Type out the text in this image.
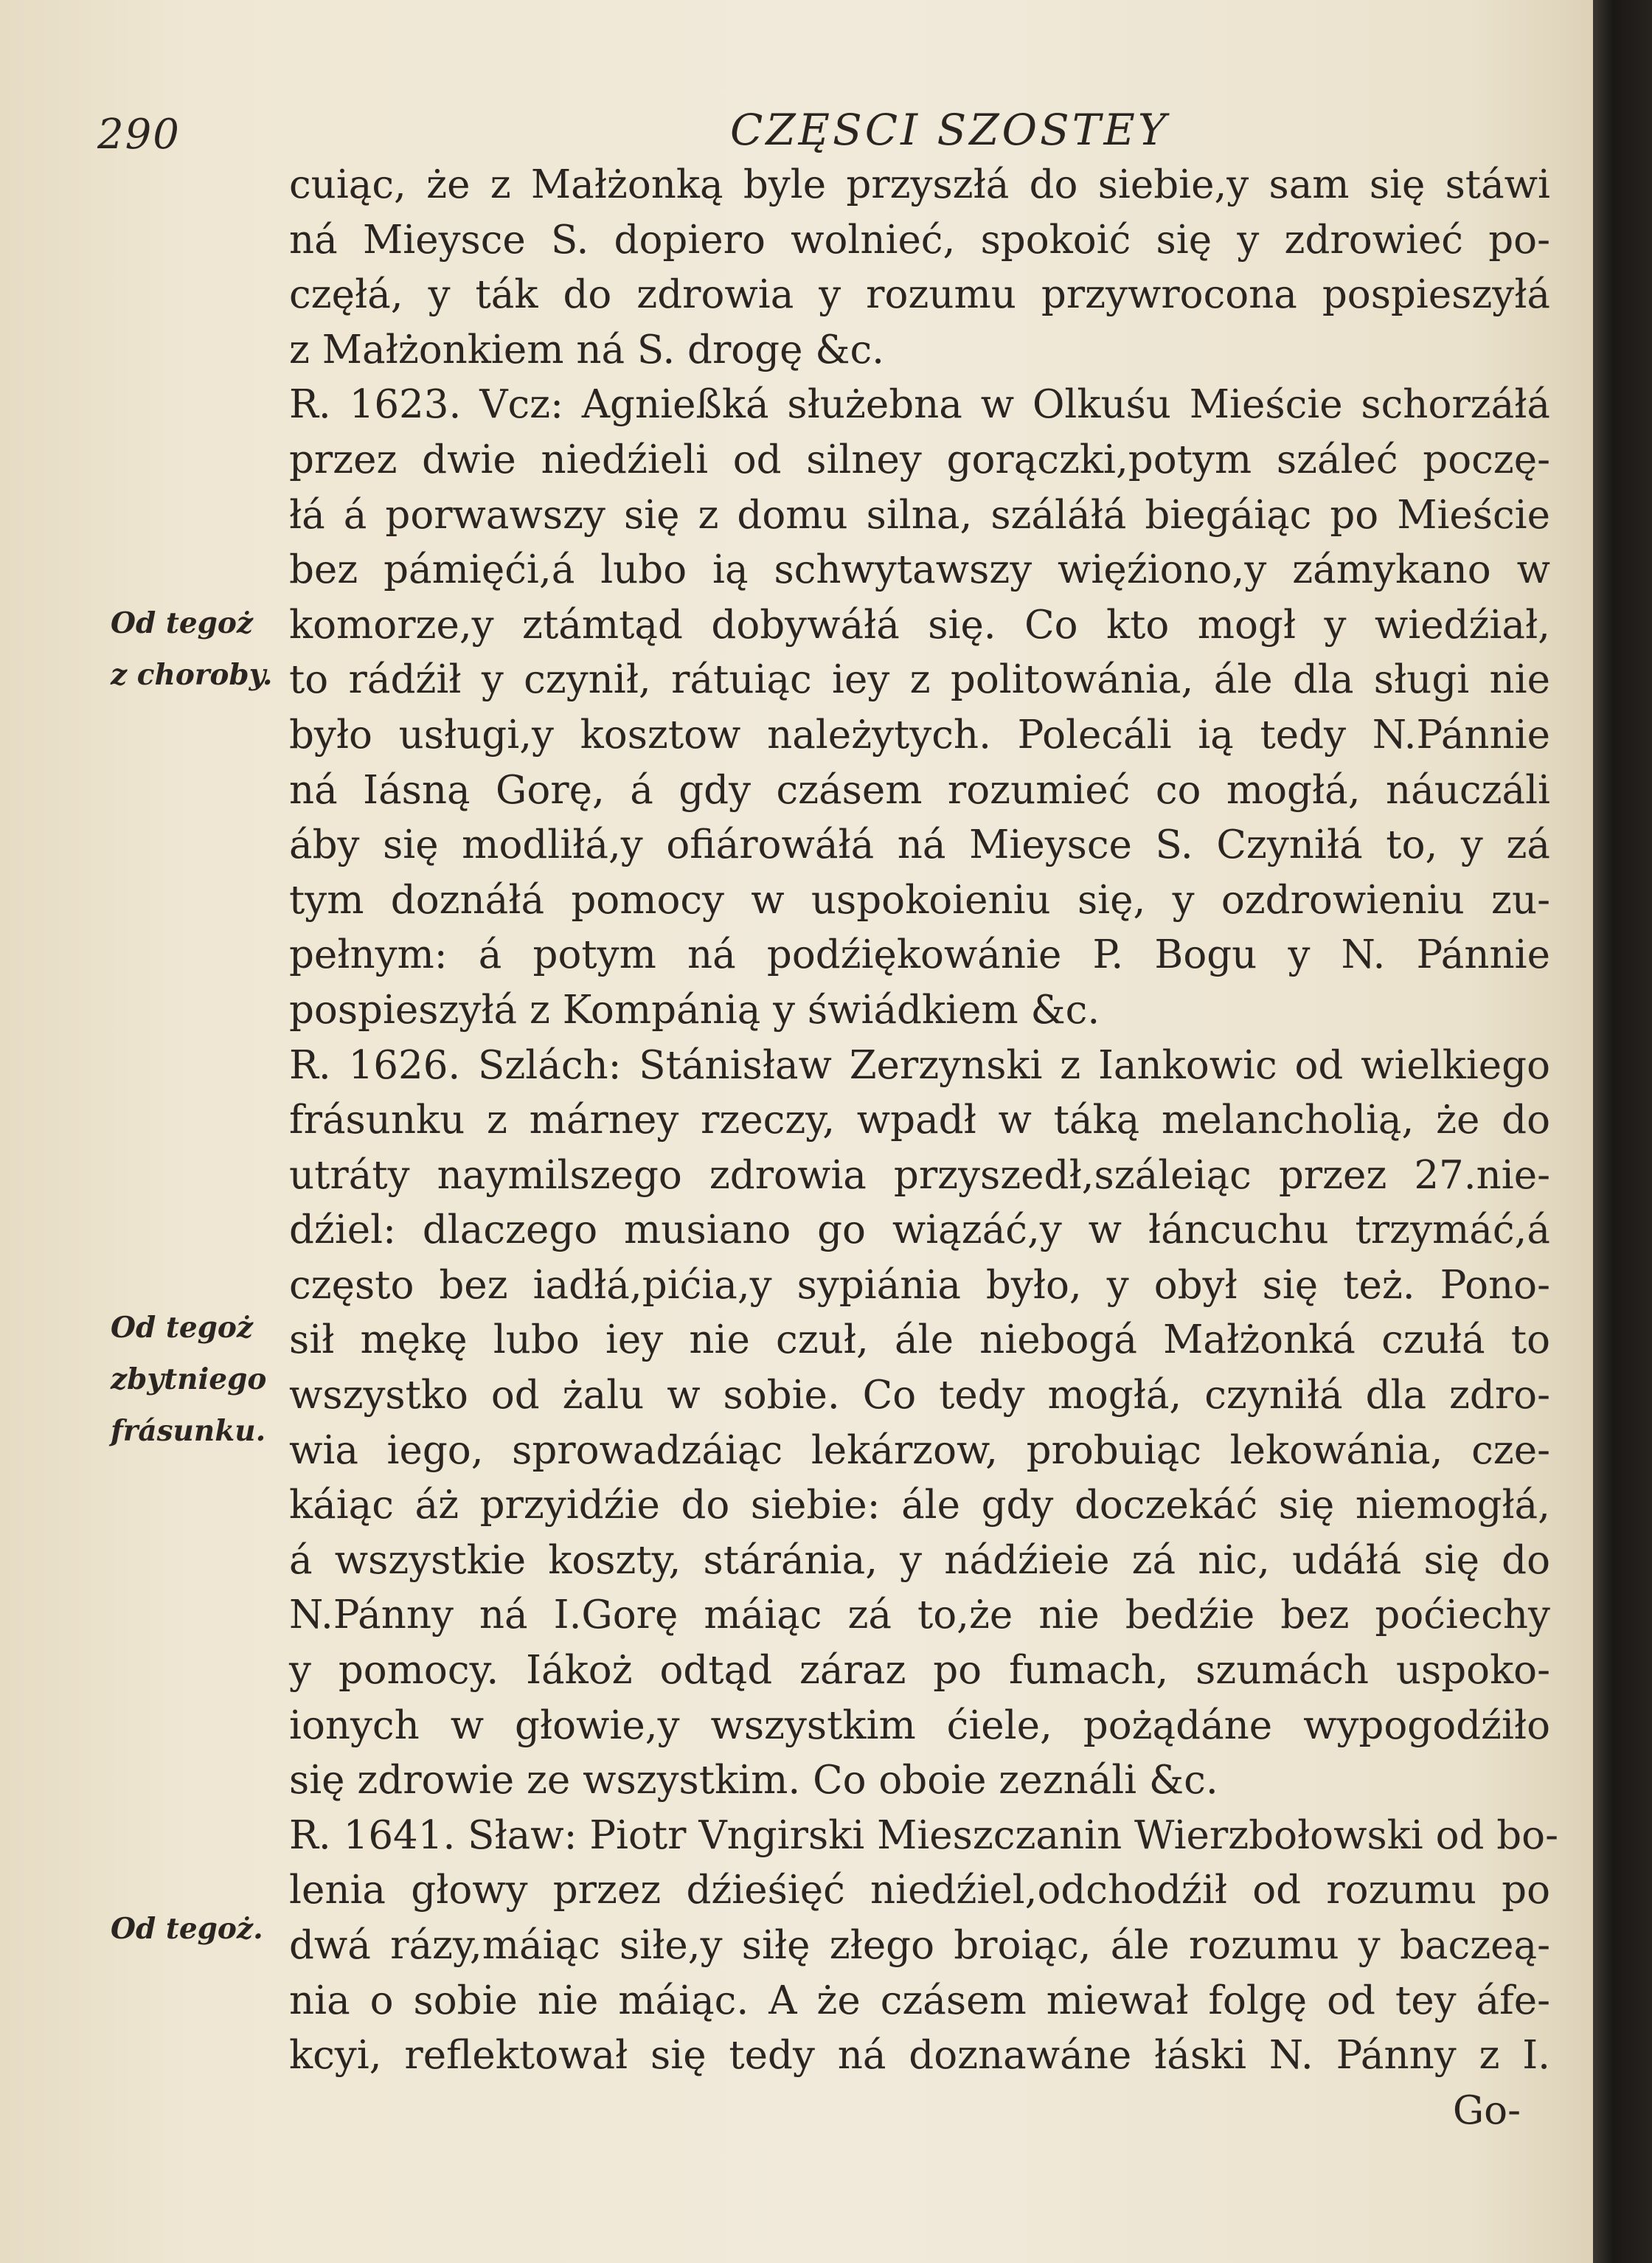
290	CZĘSCI SZOSTEY
cuiąc, że z Małżonką byle przyszłá do siebie,y sam się stáwi
ná Mieysce S. dopiero wolnieć, spokoić się y zdrowieć po-
częłá, y ták do zdrowia y rozumu przywrocona pospieszyłá
z Małżonkiem ná S. drogę &c.
R. 1623. Vcz: Agnießká służebna w Olkuśu Mieście schorzáłá
przez dwie niedźieli od silney gorączki,potym száleć poczę-
łá á porwawszy się z domu silna, száláłá biegáiąc po Mieście
bez pámięći,á lubo ią schwytawszy więźiono,y zámykano w
komorze,y ztámtąd dobywáłá się. Co kto mogł y wiedźiał,
to rádźił y czynił, rátuiąc iey z politowánia, ále dla sługi nie
było usługi,y kosztow należytych. Polecáli ią tedy N.Pánnie
ná Iásną Gorę, á gdy czásem rozumieć co mogłá, náuczáli
áby się modliłá,y ofiárowáłá ná Mieysce S. Czyniłá to, y zá
tym doznáłá pomocy w uspokoieniu się, y ozdrowieniu zu-
pełnym: á potym ná podźiękowánie P. Bogu y N. Pánnie
pospieszyłá z Kompánią y świádkiem &c.
R. 1626. Szlách: Stánisław Zerzynski z Iankowic od wielkiego
frásunku z márney rzeczy, wpadł w táką melancholią, że do
utráty naymilszego zdrowia przyszedł,száleiąc przez 27.nie-
dźiel: dlaczego musiano go wiązáć,y w łáncuchu trzymáć,á
często bez iadłá,pićia,y sypiánia było, y obył się też. Pono-
sił mękę lubo iey nie czuł, ále niebogá Małżonká czułá to
wszystko od żalu w sobie. Co tedy mogłá, czyniłá dla zdro-
wia iego, sprowadzáiąc lekárzow, probuiąc lekowánia, cze-
káiąc áż przyidźie do siebie: ále gdy doczekáć się niemogłá,
á wszystkie koszty, stáránia, y nádźieie zá nic, udáłá się do
N.Pánny ná I.Gorę máiąc zá to,że nie bedźie bez poćiechy
y pomocy. Iákoż odtąd záraz po fumach, szumách uspoko-
ionych w głowie,y wszystkim ćiele, pożądáne wypogodźiło
się zdrowie ze wszystkim. Co oboie zeználi &c.
R. 1641. Sław: Piotr Vngirski Mieszczanin Wierzbołowski od bo-
lenia głowy przez dźieśięć niedźiel,odchodźił od rozumu po
dwá rázy,máiąc siłe,y siłę złego broiąc, ále rozumu y baczeą-
nia o sobie nie máiąc. A że czásem miewał folgę od tey áfe-
kcyi, reflektował się tedy ná doznawáne łáski N. Pánny z I.
Go-
Od tegoż
z choroby.
Od tegoż
zbytniego
frásunku.
Od tegoż.
